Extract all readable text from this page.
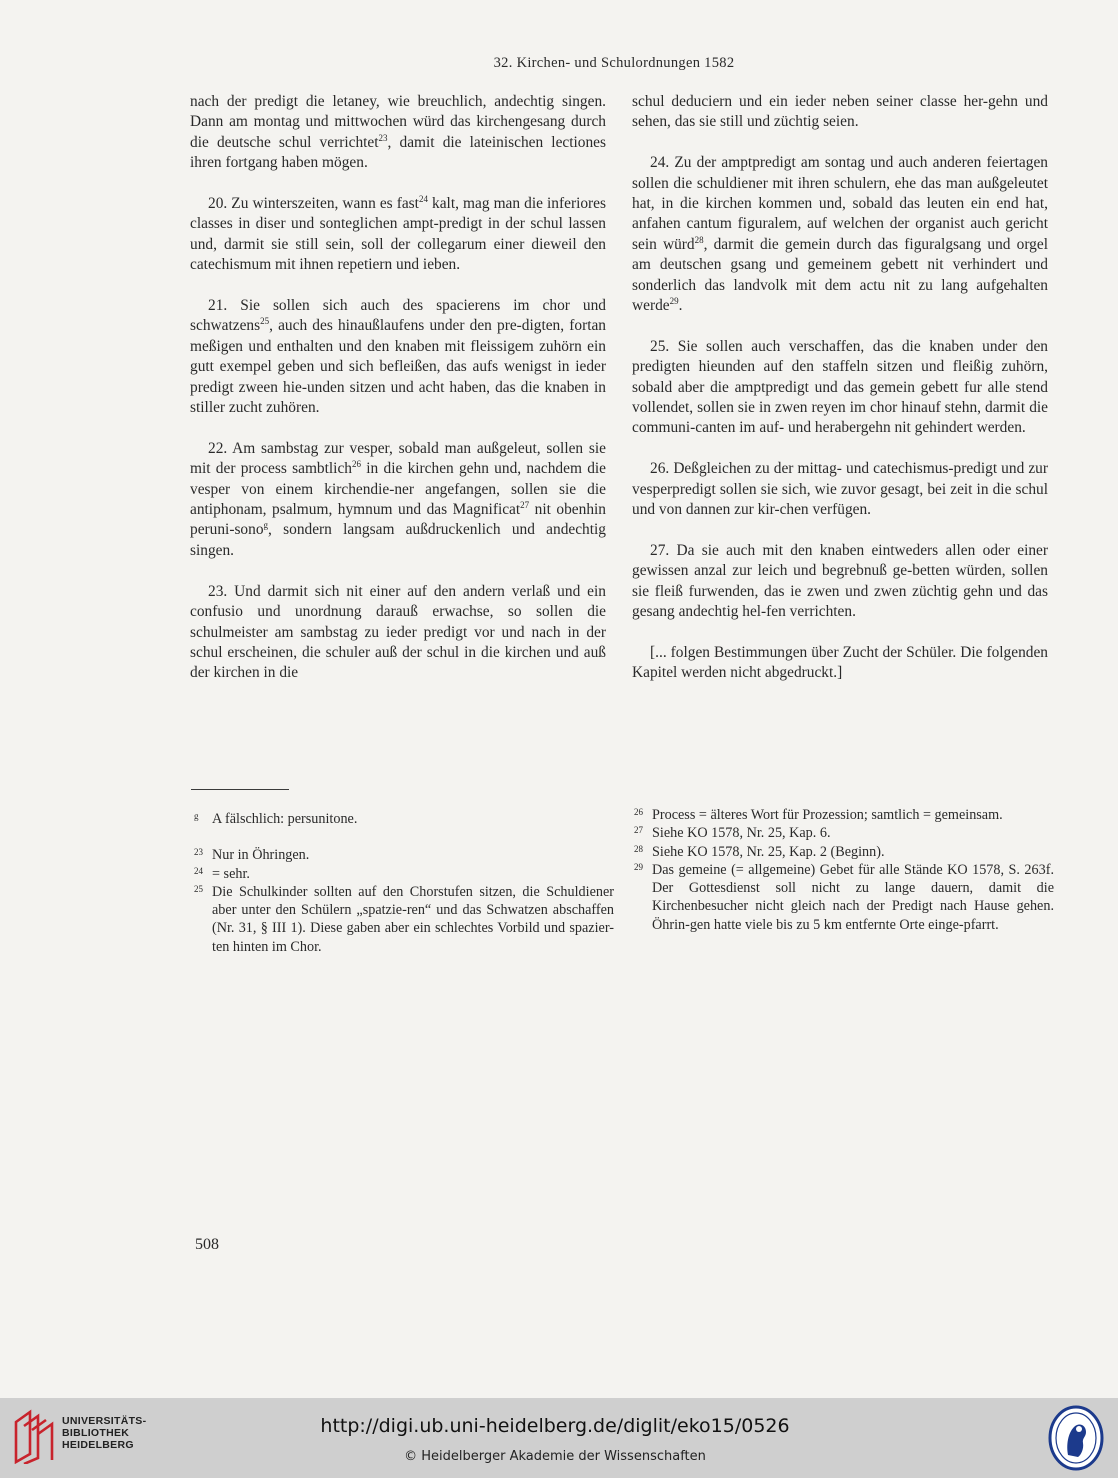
32. Kirchen- und Schulordnungen 1582

nach der predigt die letaney, wie breuchlich, andechtig singen. Dann am montag und mittwochen würd das kirchengesang durch die deutsche schul verrichtet$^{23}$, damit die lateinischen lectiones ihren fortgang haben mögen.

20. Zu winterszeiten, wann es fast$^{24}$ kalt, mag man die inferiores classes in diser und sonteglichen ampt-predigt in der schul lassen und, darmit sie still sein, soll der collegarum einer dieweil den catechismum mit ihnen repetiern und ieben.

21. Sie sollen sich auch des spacierens im chor und schwatzens$^{25}$, auch des hinaußlaufens under den pre-digten, fortan meßigen und enthalten und den knaben mit fleissigem zuhörn ein gutt exempel geben und sich befleißen, das aufs wenigst in ieder predigt zween hie-unden sitzen und acht haben, das die knaben in stiller zucht zuhören.

22. Am sambstag zur vesper, sobald man außgeleut, sollen sie mit der process sambtlich$^{26}$ in die kirchen gehn und, nachdem die vesper von einem kirchendie-ner angefangen, sollen sie die antiphonam, psalmum, hymnum und das Magnificat$^{27}$ nit obenhin peruni-sono$^g$, sondern langsam außdruckenlich und andechtig singen.

23. Und darmit sich nit einer auf den andern verlaß und ein confusio und unordnung darauß erwachse, so sollen die schulmeister am sambstag zu ieder predigt vor und nach in der schul erscheinen, die schuler auß der schul in die kirchen und auß der kirchen in die

schul deduciern und ein ieder neben seiner classe her-gehn und sehen, das sie still und züchtig seien.

24. Zu der amptpredigt am sontag und auch anderen feiertagen sollen die schuldiener mit ihren schulern, ehe das man außgeleutet hat, in die kirchen kommen und, sobald das leuten ein end hat, anfahen cantum figuralem, auf welchen der organist auch gericht sein würd$^{28}$, darmit die gemein durch das figuralgsang und orgel am deutschen gsang und gemeinem gebett nit verhindert und sonderlich das landvolk mit dem actu nit zu lang aufgehalten werde$^{29}$.

25. Sie sollen auch verschaffen, das die knaben under den predigten hieunden auf den staffeln sitzen und fleißig zuhörn, sobald aber die amptpredigt und das gemein gebett fur alle stend vollendet, sollen sie in zwen reyen im chor hinauf stehn, darmit die communi-canten im auf- und herabergehn nit gehindert werden.

26. Deßgleichen zu der mittag- und catechismus-predigt und zur vesperpredigt sollen sie sich, wie zuvor gesagt, bei zeit in die schul und von dannen zur kir-chen verfügen.

27. Da sie auch mit den knaben eintweders allen oder einer gewissen anzal zur leich und begrebnuß ge-betten würden, sollen sie fleiß furwenden, das ie zwen und zwen züchtig gehn und das gesang andechtig hel-fen verrichten.

[... folgen Bestimmungen über Zucht der Schüler. Die folgenden Kapitel werden nicht abgedruckt.]

g A fälschlich: persunitone.
23 Nur in Öhringen.
24 = sehr.
25 Die Schulkinder sollten auf den Chorstufen sitzen, die Schuldiener aber unter den Schülern „spatzie-ren“ und das Schwatzen abschaffen (Nr. 31, § III 1). Diese gaben aber ein schlechtes Vorbild und spazier-ten hinten im Chor.
26 Process = älteres Wort für Prozession; samtlich = gemeinsam.
27 Siehe KO 1578, Nr. 25, Kap. 6.
28 Siehe KO 1578, Nr. 25, Kap. 2 (Beginn).
29 Das gemeine (= allgemeine) Gebet für alle Stände KO 1578, S. 263f. Der Gottesdienst soll nicht zu lange dauern, damit die Kirchenbesucher nicht gleich nach der Predigt nach Hause gehen. Öhrin-gen hatte viele bis zu 5 km entfernte Orte einge-pfarrt.
508
UNIVERSITÄTS-
BIBLIOTHEK
HEIDELBERG
http://digi.ub.uni-heidelberg.de/diglit/eko15/0526
© Heidelberger Akademie der Wissenschaften
